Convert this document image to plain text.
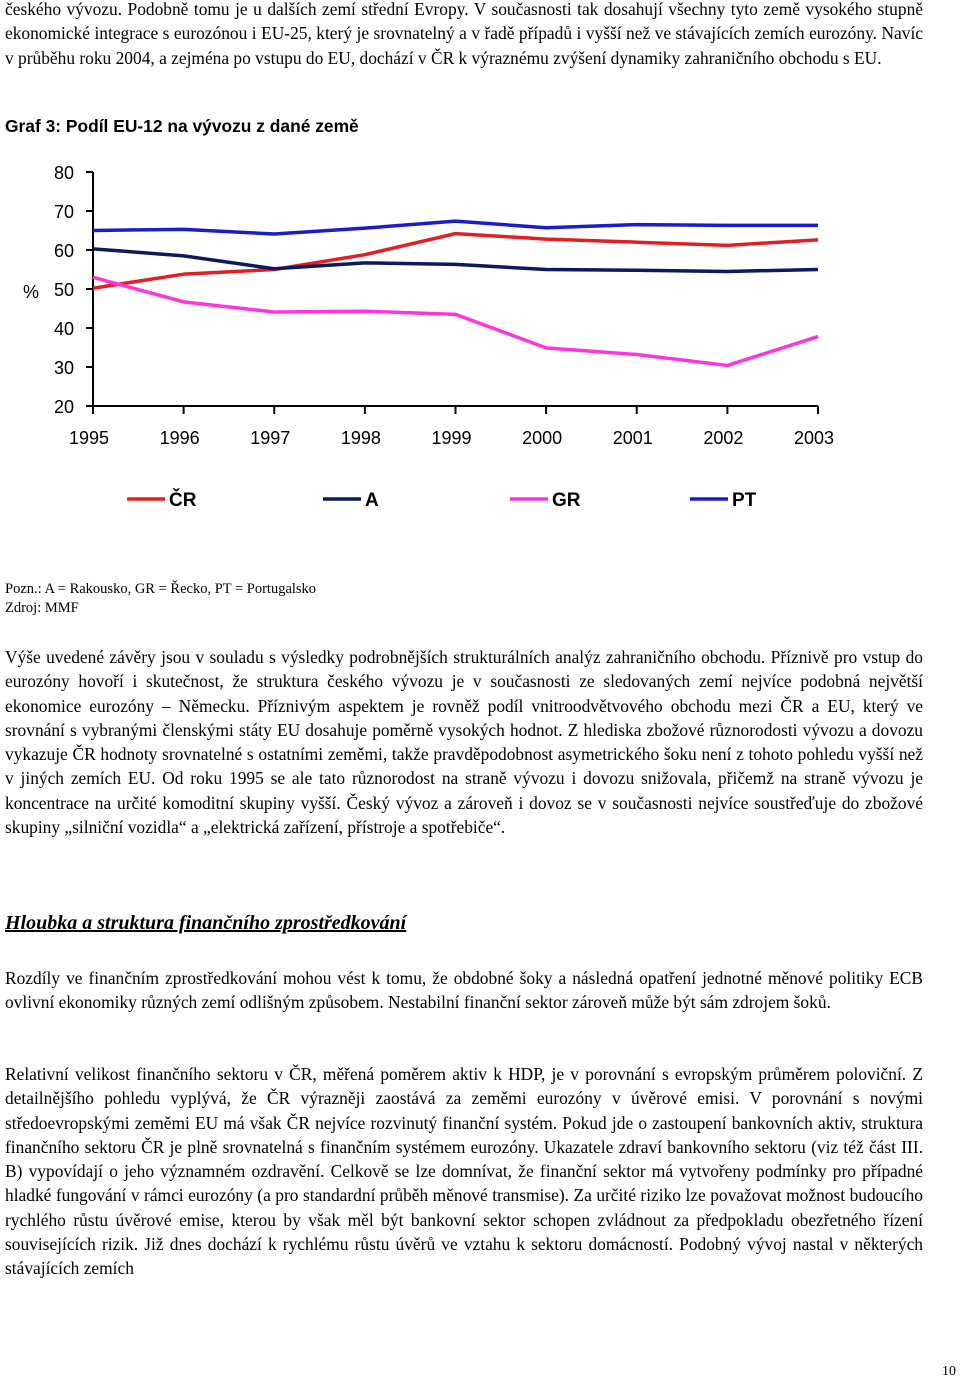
českého vývozu. Podobně tomu je u dalších zemí střední Evropy. V současnosti tak dosahují všechny tyto země vysokého stupně ekonomické integrace s eurozónou i EU-25, který je srovnatelný a v řadě případů i vyšší než ve stávajících zemích eurozóny. Navíc v průběhu roku 2004, a zejména po vstupu do EU, dochází v ČR k výraznému zvýšení dynamiky zahraničního obchodu s EU.

Graf 3: Podíl EU-12 na vývozu z dané země

20
30
40
50
60
70
80
%
1995	1996	1997	1998	1999	2000	2001	2002	2003
ČR	A	GR	PT

Pozn.: A = Rakousko, GR = Řecko, PT = Portugalsko

Zdroj: MMF

Výše uvedené závěry jsou v souladu s výsledky podrobnějších strukturálních analýz zahraničního obchodu. Příznivě pro vstup do eurozóny hovoří i skutečnost, že struktura českého vývozu je v současnosti ze sledovaných zemí nejvíce podobná největší ekonomice eurozóny – Německu. Příznivým aspektem je rovněž podíl vnitroodvětvového obchodu mezi ČR a EU, který ve srovnání s vybranými členskými státy EU dosahuje poměrně vysokých hodnot. Z hlediska zbožové různorodosti vývozu a dovozu vykazuje ČR hodnoty srovnatelné s ostatními zeměmi, takže pravděpodobnost asymetrického šoku není z tohoto pohledu vyšší než v jiných zemích EU. Od roku 1995 se ale tato různorodost na straně vývozu i dovozu snižovala, přičemž na straně vývozu je koncentrace na určité komoditní skupiny vyšší. Český vývoz a zároveň i dovoz se v současnosti nejvíce soustřeďuje do zbožové skupiny „silniční vozidla“ a „elektrická zařízení, přístroje a spotřebiče“.

Hloubka a struktura finančního zprostředkování

Rozdíly ve finančním zprostředkování mohou vést k tomu, že obdobné šoky a následná opatření jednotné měnové politiky ECB ovlivní ekonomiky různých zemí odlišným způsobem. Nestabilní finanční sektor zároveň může být sám zdrojem šoků.

Relativní velikost finančního sektoru v ČR, měřená poměrem aktiv k HDP, je v porovnání s evropským průměrem poloviční. Z detailnějšího pohledu vyplývá, že ČR výrazněji zaostává za zeměmi eurozóny v úvěrové emisi. V porovnání s novými středoevropskými zeměmi EU má však ČR nejvíce rozvinutý finanční systém. Pokud jde o zastoupení bankovních aktiv, struktura finančního sektoru ČR je plně srovnatelná s finančním systémem eurozóny. Ukazatele zdraví bankovního sektoru (viz též část III. B) vypovídají o jeho významném ozdravění. Celkově se lze domnívat, že finanční sektor má vytvořeny podmínky pro případné hladké fungování v rámci eurozóny (a pro standardní průběh měnové transmise). Za určité riziko lze považovat možnost budoucího rychlého růstu úvěrové emise, kterou by však měl být bankovní sektor schopen zvládnout za předpokladu obezřetného řízení souvisejících rizik. Již dnes dochází k rychlému růstu úvěrů ve vztahu k sektoru domácností. Podobný vývoj nastal v některých stávajících zemích

10
